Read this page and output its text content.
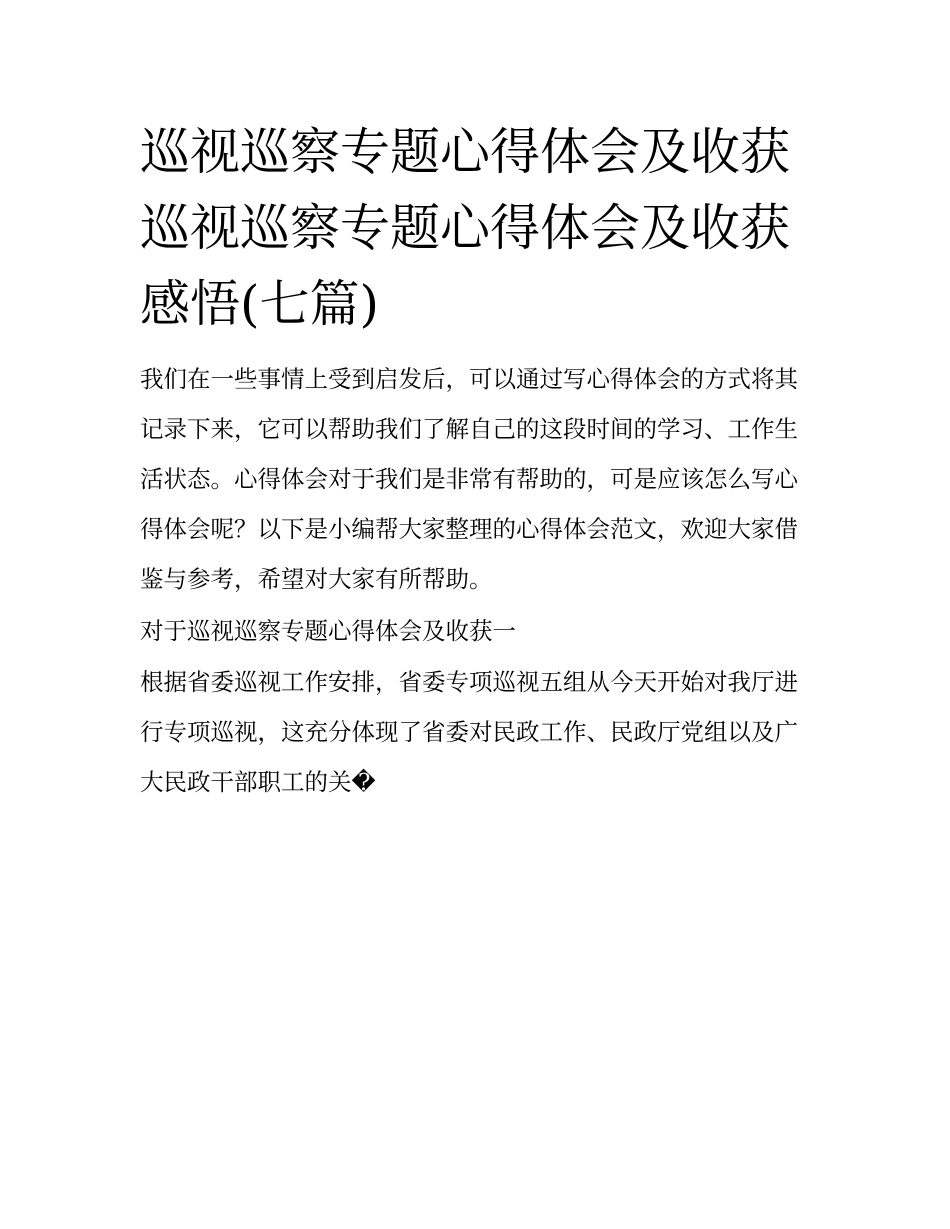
巡视巡察专题心得体会及收获
巡视巡察专题心得体会及收获
感悟(七篇)

我们在一些事情上受到启发后，可以通过写心得体会的方式将其记录下来，它可以帮助我们了解自己的这段时间的学习、工作生活状态。心得体会对于我们是非常有帮助的，可是应该怎么写心得体会呢？以下是小编帮大家整理的心得体会范文，欢迎大家借鉴与参考，希望对大家有所帮助。

对于巡视巡察专题心得体会及收获一

根据省委巡视工作安排，省委专项巡视五组从今天开始对我厅进行专项巡视，这充分体现了省委对民政工作、民政厅党组以及广大民政干部职工的关�
